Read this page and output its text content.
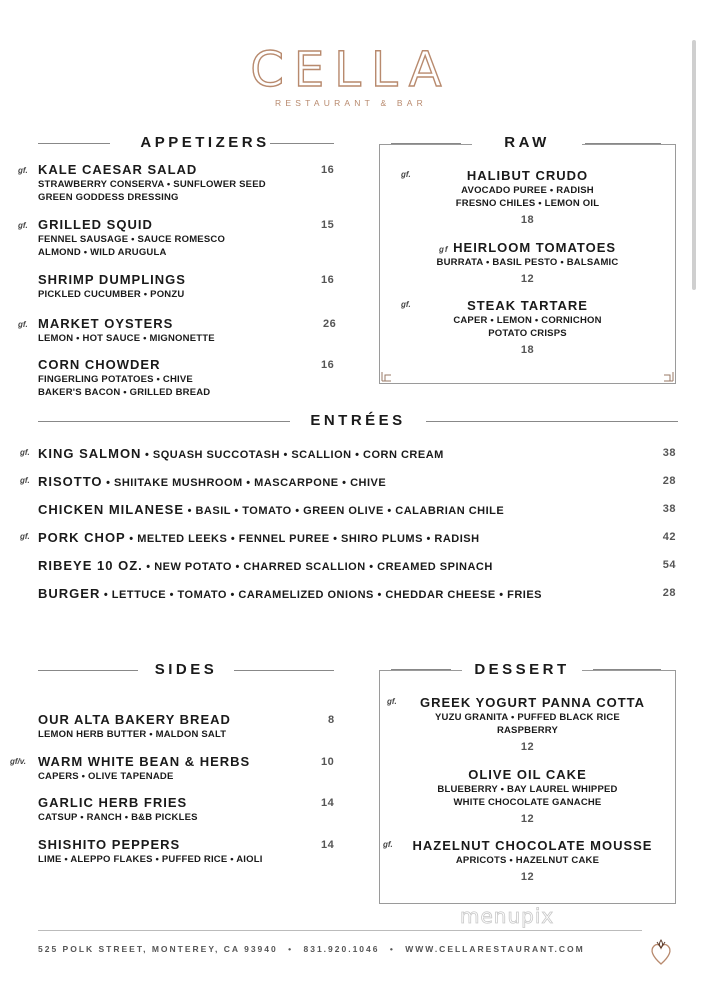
CELLA
RESTAURANT & BAR
APPETIZERS
gf. KALE CAESAR SALAD	16
STRAWBERRY CONSERVA • SUNFLOWER SEED
GREEN GODDESS DRESSING
gf. GRILLED SQUID	15
FENNEL SAUSAGE • SAUCE ROMESCO
ALMOND • WILD ARUGULA
SHRIMP DUMPLINGS	16
PICKLED CUCUMBER • PONZU
gf. MARKET OYSTERS	26
LEMON • HOT SAUCE • MIGNONETTE
CORN CHOWDER	16
FINGERLING POTATOES • CHIVE
BAKER'S BACON • GRILLED BREAD
RAW
gf.	HALIBUT CRUDO
AVOCADO PUREE • RADISH
FRESNO CHILES • LEMON OIL
18
gf HEIRLOOM TOMATOES
BURRATA • BASIL PESTO • BALSAMIC
12
gf.	STEAK TARTARE
CAPER • LEMON • CORNICHON
POTATO CRISPS
18
ENTRÉES
gf. KING SALMON • SQUASH SUCCOTASH • SCALLION • CORN CREAM	38
gf. RISOTTO • SHIITAKE MUSHROOM • MASCARPONE • CHIVE	28
CHICKEN MILANESE • BASIL • TOMATO • GREEN OLIVE • CALABRIAN CHILE	38
gf. PORK CHOP • MELTED LEEKS • FENNEL PUREE • SHIRO PLUMS • RADISH	42
RIBEYE 10 OZ. • NEW POTATO • CHARRED SCALLION • CREAMED SPINACH	54
BURGER • LETTUCE • TOMATO • CARAMELIZED ONIONS • CHEDDAR CHEESE • FRIES	28
SIDES
OUR ALTA BAKERY BREAD	8
LEMON HERB BUTTER • MALDON SALT
gf/v. WARM WHITE BEAN & HERBS	10
CAPERS • OLIVE TAPENADE
GARLIC HERB FRIES	14
CATSUP • RANCH • B&B PICKLES
SHISHITO PEPPERS	14
LIME • ALEPPO FLAKES • PUFFED RICE • AIOLI
DESSERT
gf.	GREEK YOGURT PANNA COTTA
YUZU GRANITA • PUFFED BLACK RICE
RASPBERRY
12
OLIVE OIL CAKE
BLUEBERRY • BAY LAUREL WHIPPED
WHITE CHOCOLATE GANACHE
12
gf.	HAZELNUT CHOCOLATE MOUSSE
APRICOTS • HAZELNUT CAKE
12
menupix
525 POLK STREET, MONTEREY, CA 93940 • 831.920.1046 • WWW.CELLARESTAURANT.COM
